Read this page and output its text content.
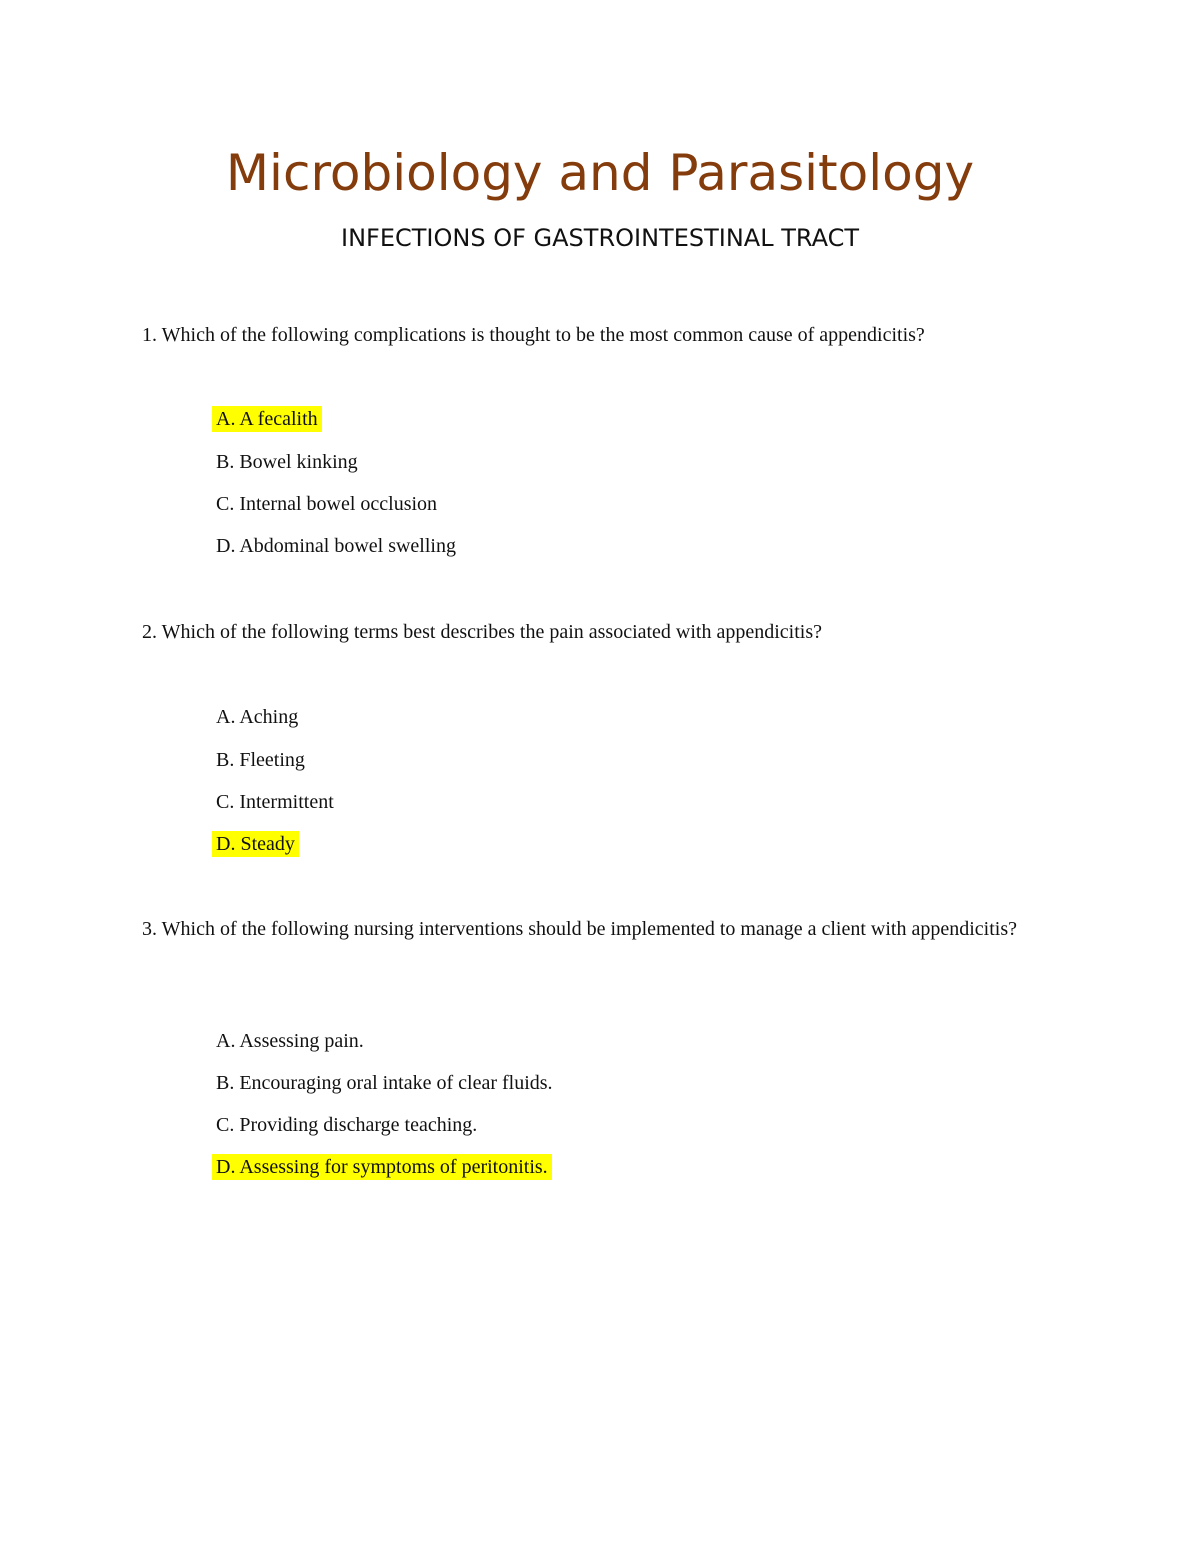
Microbiology and Parasitology
INFECTIONS OF GASTROINTESTINAL TRACT

1. Which of the following complications is thought to be the most common cause of appendicitis?

A. A fecalith
B. Bowel kinking
C. Internal bowel occlusion
D. Abdominal bowel swelling

2. Which of the following terms best describes the pain associated with appendicitis?

A. Aching
B. Fleeting
C. Intermittent
D. Steady

3. Which of the following nursing interventions should be implemented to manage a client with appendicitis?

A. Assessing pain.
B. Encouraging oral intake of clear fluids.
C. Providing discharge teaching.
D. Assessing for symptoms of peritonitis.
